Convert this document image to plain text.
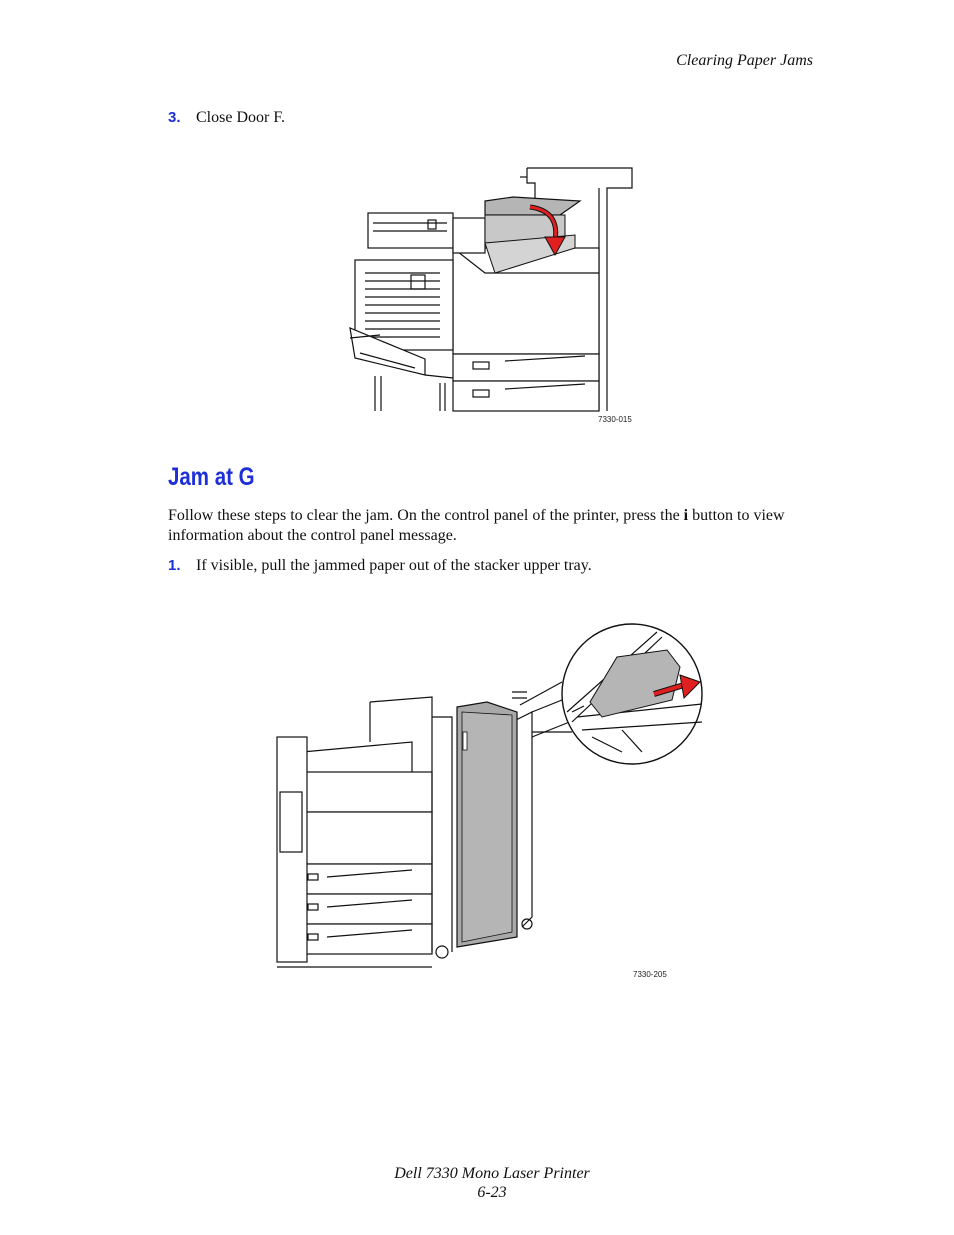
Clearing Paper Jams
3. Close Door F.
7330-015
Jam at G
Follow these steps to clear the jam. On the control panel of the printer, press the i button to view information about the control panel message.
1. If visible, pull the jammed paper out of the stacker upper tray.
7330-205
Dell 7330 Mono Laser Printer
6-23
